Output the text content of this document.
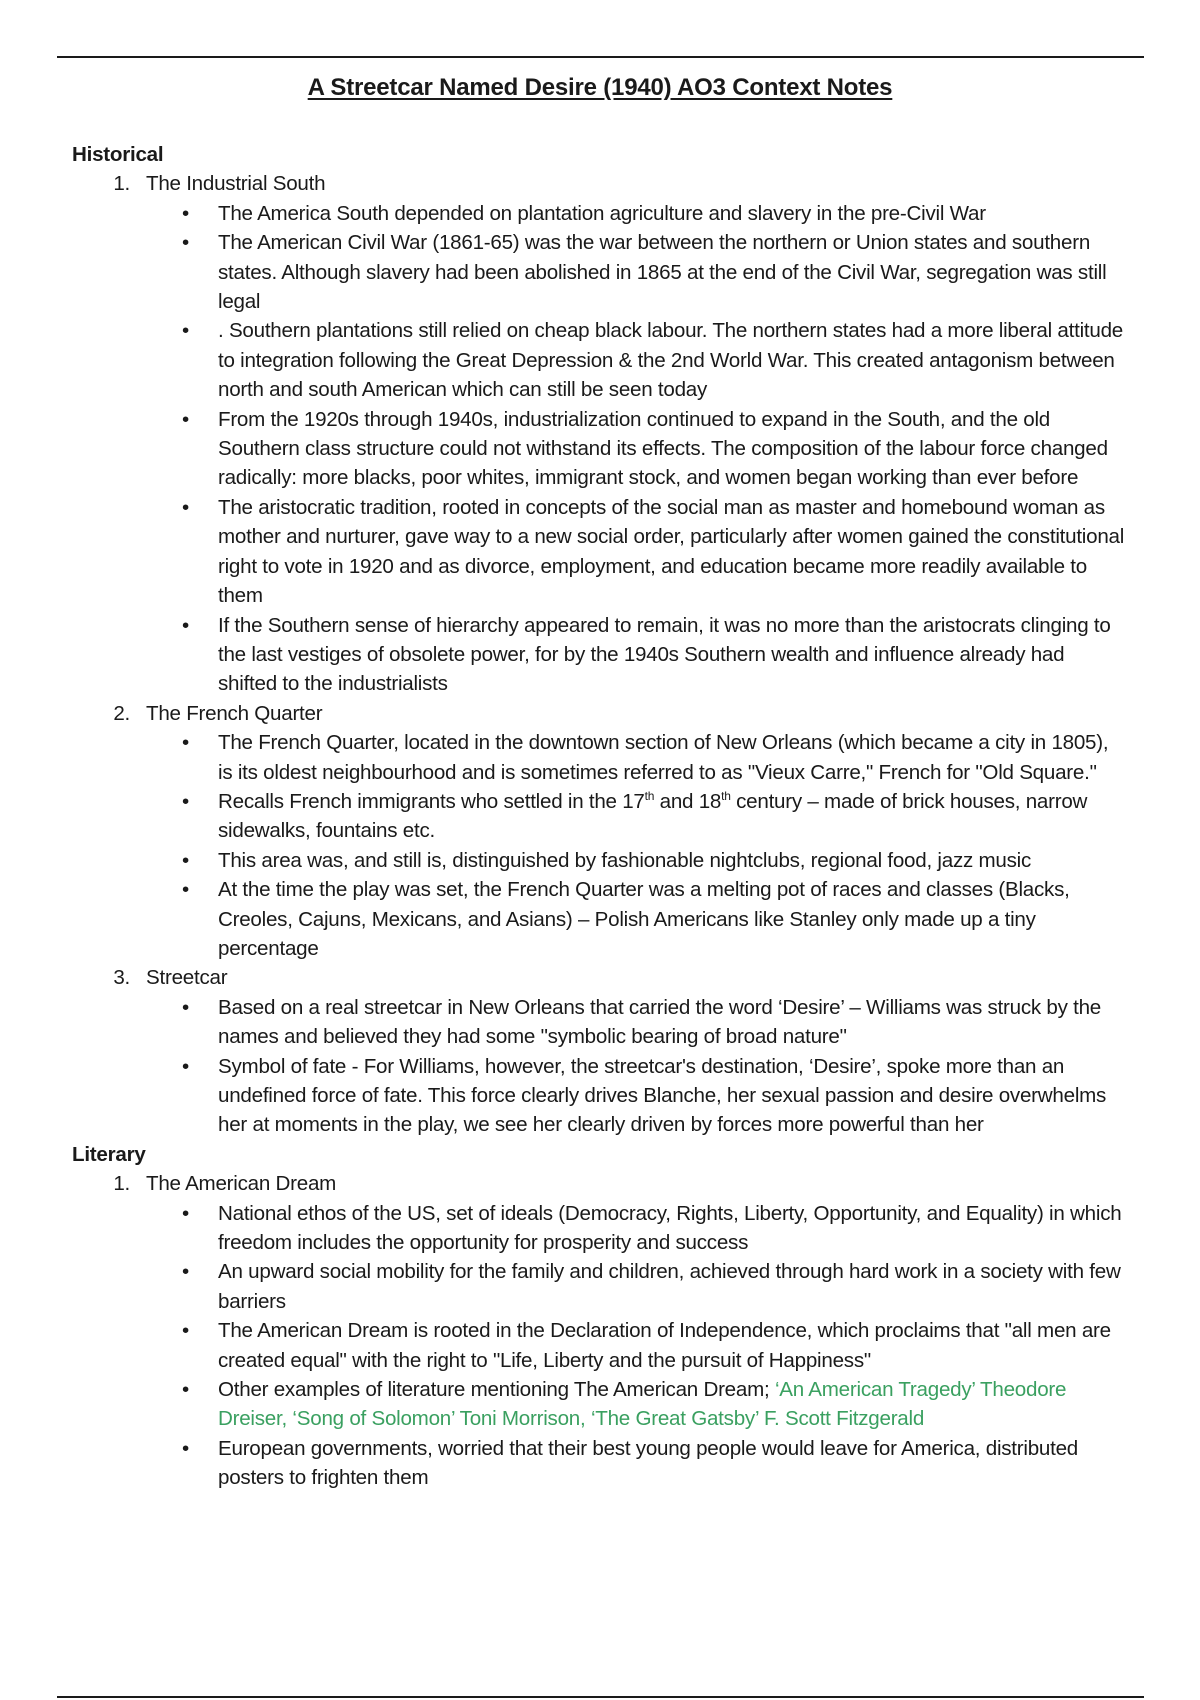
A Streetcar Named Desire (1940) AO3 Context Notes

Historical

1. The Industrial South

• The America South depended on plantation agriculture and slavery in the pre-Civil War
• The American Civil War (1861-65) was the war between the northern or Union states and southern states. Although slavery had been abolished in 1865 at the end of the Civil War, segregation was still legal
• . Southern plantations still relied on cheap black labour. The northern states had a more liberal attitude to integration following the Great Depression & the 2nd World War. This created antagonism between north and south American which can still be seen today
• From the 1920s through 1940s, industrialization continued to expand in the South, and the old Southern class structure could not withstand its effects. The composition of the labour force changed radically: more blacks, poor whites, immigrant stock, and women began working than ever before
• The aristocratic tradition, rooted in concepts of the social man as master and homebound woman as mother and nurturer, gave way to a new social order, particularly after women gained the constitutional right to vote in 1920 and as divorce, employment, and education became more readily available to them
• If the Southern sense of hierarchy appeared to remain, it was no more than the aristocrats clinging to the last vestiges of obsolete power, for by the 1940s Southern wealth and influence already had shifted to the industrialists

2. The French Quarter

• The French Quarter, located in the downtown section of New Orleans (which became a city in 1805), is its oldest neighbourhood and is sometimes referred to as "Vieux Carre," French for "Old Square."
• Recalls French immigrants who settled in the 17th and 18th century – made of brick houses, narrow sidewalks, fountains etc.
• This area was, and still is, distinguished by fashionable nightclubs, regional food, jazz music
• At the time the play was set, the French Quarter was a melting pot of races and classes (Blacks, Creoles, Cajuns, Mexicans, and Asians) – Polish Americans like Stanley only made up a tiny percentage

3. Streetcar

• Based on a real streetcar in New Orleans that carried the word ‘Desire’ – Williams was struck by the names and believed they had some "symbolic bearing of broad nature"
• Symbol of fate - For Williams, however, the streetcar's destination, ‘Desire’, spoke more than an undefined force of fate. This force clearly drives Blanche, her sexual passion and desire overwhelms her at moments in the play, we see her clearly driven by forces more powerful than her

Literary

1. The American Dream

• National ethos of the US, set of ideals (Democracy, Rights, Liberty, Opportunity, and Equality) in which freedom includes the opportunity for prosperity and success
• An upward social mobility for the family and children, achieved through hard work in a society with few barriers
• The American Dream is rooted in the Declaration of Independence, which proclaims that "all men are created equal" with the right to "Life, Liberty and the pursuit of Happiness"
• Other examples of literature mentioning The American Dream; ‘An American Tragedy’ Theodore Dreiser, ‘Song of Solomon’ Toni Morrison, ‘The Great Gatsby’ F. Scott Fitzgerald
• European governments, worried that their best young people would leave for America, distributed posters to frighten them
